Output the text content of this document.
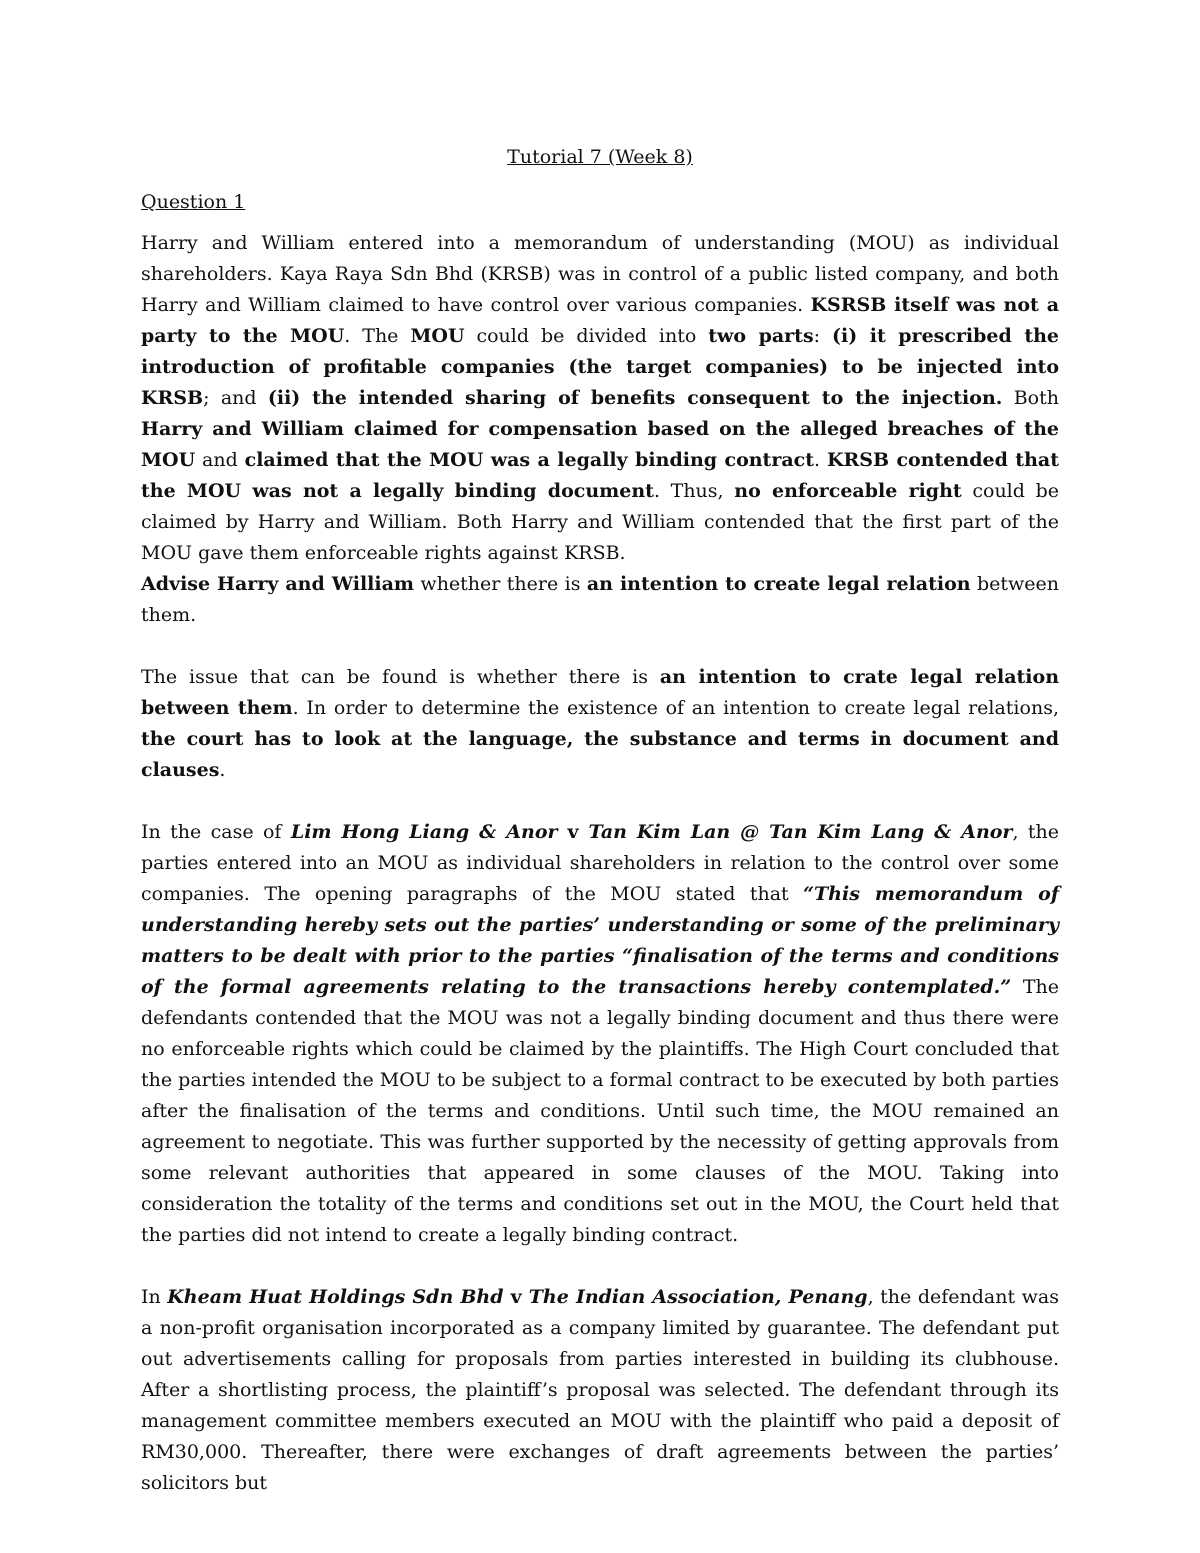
Tutorial 7 (Week 8)
Question 1

Harry and William entered into a memorandum of understanding (MOU) as individual shareholders. Kaya Raya Sdn Bhd (KRSB) was in control of a public listed company, and both Harry and William claimed to have control over various companies. KSRSB itself was not a party to the MOU. The MOU could be divided into two parts: (i) it prescribed the introduction of profitable companies (the target companies) to be injected into KRSB; and (ii) the intended sharing of benefits consequent to the injection. Both Harry and William claimed for compensation based on the alleged breaches of the MOU and claimed that the MOU was a legally binding contract. KRSB contended that the MOU was not a legally binding document. Thus, no enforceable right could be claimed by Harry and William. Both Harry and William contended that the first part of the MOU gave them enforceable rights against KRSB.

Advise Harry and William whether there is an intention to create legal relation between them.

The issue that can be found is whether there is an intention to crate legal relation between them. In order to determine the existence of an intention to create legal relations, the court has to look at the language, the substance and terms in document and clauses.

In the case of Lim Hong Liang & Anor v Tan Kim Lan @ Tan Kim Lang & Anor, the parties entered into an MOU as individual shareholders in relation to the control over some companies. The opening paragraphs of the MOU stated that “This memorandum of understanding hereby sets out the parties’ understanding or some of the preliminary matters to be dealt with prior to the parties “finalisation of the terms and conditions of the formal agreements relating to the transactions hereby contemplated.” The defendants contended that the MOU was not a legally binding document and thus there were no enforceable rights which could be claimed by the plaintiffs. The High Court concluded that the parties intended the MOU to be subject to a formal contract to be executed by both parties after the finalisation of the terms and conditions. Until such time, the MOU remained an agreement to negotiate. This was further supported by the necessity of getting approvals from some relevant authorities that appeared in some clauses of the MOU. Taking into consideration the totality of the terms and conditions set out in the MOU, the Court held that the parties did not intend to create a legally binding contract.

In Kheam Huat Holdings Sdn Bhd v The Indian Association, Penang, the defendant was a non-profit organisation incorporated as a company limited by guarantee. The defendant put out advertisements calling for proposals from parties interested in building its clubhouse. After a shortlisting process, the plaintiff’s proposal was selected. The defendant through its management committee members executed an MOU with the plaintiff who paid a deposit of RM30,000. Thereafter, there were exchanges of draft agreements between the parties’ solicitors but
